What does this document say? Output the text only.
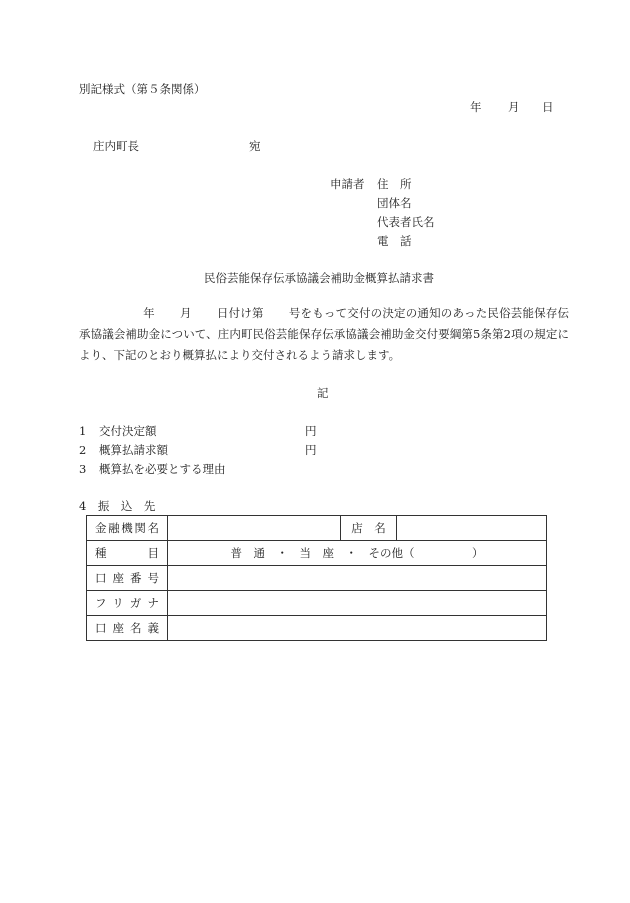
別記様式（第５条関係）
年 月 日
庄内町長	宛
申請者 住　所
団体名
代表者氏名
電　話
民俗芸能保存伝承協議会補助金概算払請求書
年 月 日付け第 号をもって交付の決定の通知のあった民俗芸能保存伝承協議会補助金について、庄内町民俗芸能保存伝承協議会補助金交付要綱第5条第2項の規定により、下記のとおり概算払により交付されるよう請求します。
記
1 交付決定額	円
2 概算払請求額	円
3 概算払を必要とする理由
4　振　込　先
金融機関名		店　名	
種　　目	普　通　・　当　座　・　その他（　　　　　）		
口座番号			
フリガナ			
口座名義			
